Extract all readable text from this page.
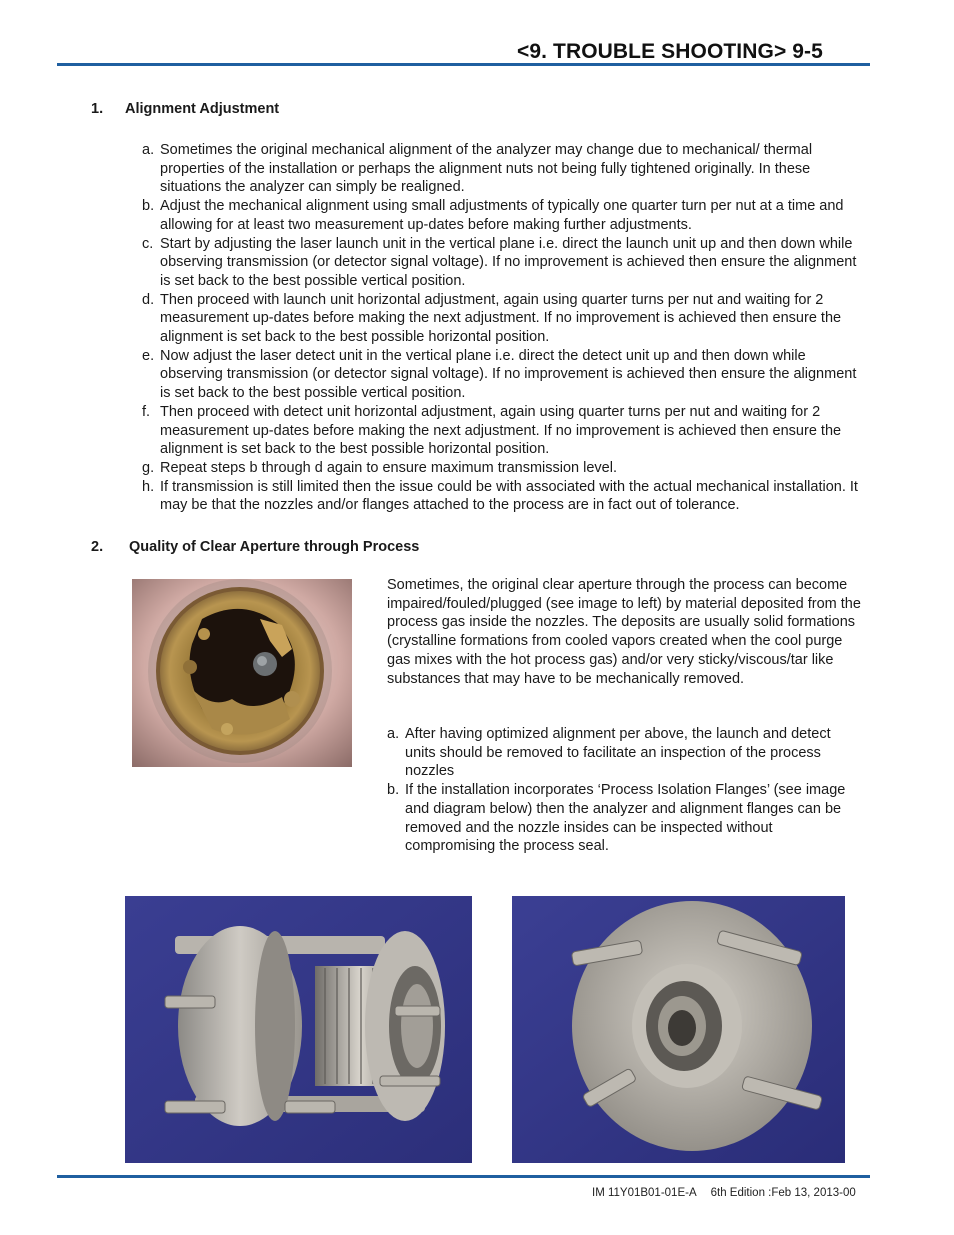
<9. TROUBLE SHOOTING> 9-5
1. Alignment Adjustment
a. Sometimes the original mechanical alignment of the analyzer may change due to mechanical/ thermal properties of the installation or perhaps the alignment nuts not being fully tightened originally. In these situations the analyzer can simply be realigned.
b. Adjust the mechanical alignment using small adjustments of typically one quarter turn per nut at a time and allowing for at least two measurement up-dates before making further adjustments.
c. Start by adjusting the laser launch unit in the vertical plane i.e. direct the launch unit up and then down while observing transmission (or detector signal voltage). If no improvement is achieved then ensure the alignment is set back to the best possible vertical position.
d. Then proceed with launch unit horizontal adjustment, again using quarter turns per nut and waiting for 2 measurement up-dates before making the next adjustment. If no improvement is achieved then ensure the alignment is set back to the best possible horizontal position.
e. Now adjust the laser detect unit in the vertical plane i.e. direct the detect unit up and then down while observing transmission (or detector signal voltage). If no improvement is achieved then ensure the alignment is set back to the best possible vertical position.
f. Then proceed with detect unit horizontal adjustment, again using quarter turns per nut and waiting for 2 measurement up-dates before making the next adjustment. If no improvement is achieved then ensure the alignment is set back to the best possible horizontal position.
g. Repeat steps b through d again to ensure maximum transmission level.
h. If transmission is still limited then the issue could be with associated with the actual mechanical installation. It may be that the nozzles and/or flanges attached to the process are in fact out of tolerance.
2. Quality of Clear Aperture through Process

Sometimes, the original clear aperture through the process can become impaired/fouled/plugged (see image to left) by material deposited from the process gas inside the nozzles. The deposits are usually solid formations (crystalline formations from cooled vapors created when the cool purge gas mixes with the hot process gas) and/or very sticky/viscous/tar like substances that may have to be mechanically removed.

a. After having optimized alignment per above, the launch and detect units should be removed to facilitate an inspection of the process nozzles
b. If the installation incorporates ‘Process Isolation Flanges’ (see image and diagram below) then the analyzer and alignment flanges can be removed and the nozzle insides can be inspected without compromising the process seal.
IM 11Y01B01-01E-A 6th Edition :Feb 13, 2013-00
